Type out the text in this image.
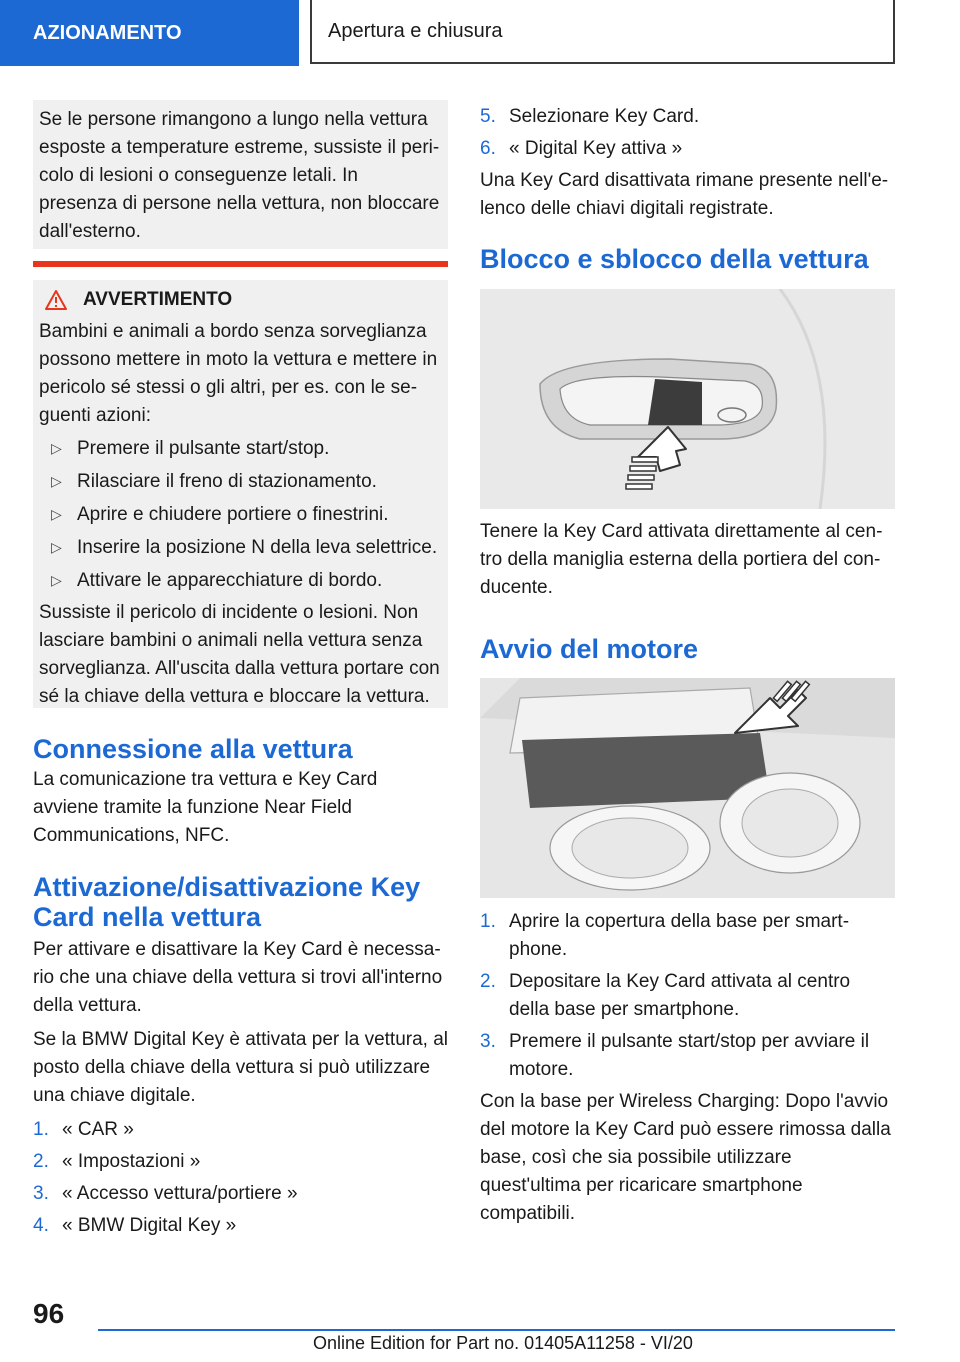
AZIONAMENTO	Apertura e chiusura

Se le persone rimangono a lungo nella vettura esposte a temperature estreme, sussiste il pericolo di lesioni o conseguenze letali. In presenza di persone nella vettura, non bloccare dall'esterno.

AVVERTIMENTO

Bambini e animali a bordo senza sorveglianza possono mettere in moto la vettura e mettere in pericolo sé stessi o gli altri, per es. con le seguenti azioni:

▷ Premere il pulsante start/stop.
▷ Rilasciare il freno di stazionamento.
▷ Aprire e chiudere portiere o finestrini.
▷ Inserire la posizione N della leva selettrice.
▷ Attivare le apparecchiature di bordo.

Sussiste il pericolo di incidente o lesioni. Non lasciare bambini o animali nella vettura senza sorveglianza. All'uscita dalla vettura portare con sé la chiave della vettura e bloccare la vettura.

Connessione alla vettura

La comunicazione tra vettura e Key Card avviene tramite la funzione Near Field Communications, NFC.

Attivazione/disattivazione Key Card nella vettura

Per attivare e disattivare la Key Card è necessario che una chiave della vettura si trovi all'interno della vettura.

Se la BMW Digital Key è attivata per la vettura, al posto della chiave della vettura si può utilizzare una chiave digitale.

1. « CAR »
2. « Impostazioni »
3. « Accesso vettura/portiere »
4. « BMW Digital Key »
5. Selezionare Key Card.
6. « Digital Key attiva »

Una Key Card disattivata rimane presente nell'elenco delle chiavi digitali registrate.

Blocco e sblocco della vettura

Tenere la Key Card attivata direttamente al centro della maniglia esterna della portiera del conducente.

Avvio del motore
1. Aprire la copertura della base per smartphone.
2. Depositare la Key Card attivata al centro della base per smartphone.
3. Premere il pulsante start/stop per avviare il motore.

Con la base per Wireless Charging: Dopo l'avvio del motore la Key Card può essere rimossa dalla base, così che sia possibile utilizzare quest'ultima per ricaricare smartphone compatibili.

96
Online Edition for Part no. 01405A11258 - VI/20
